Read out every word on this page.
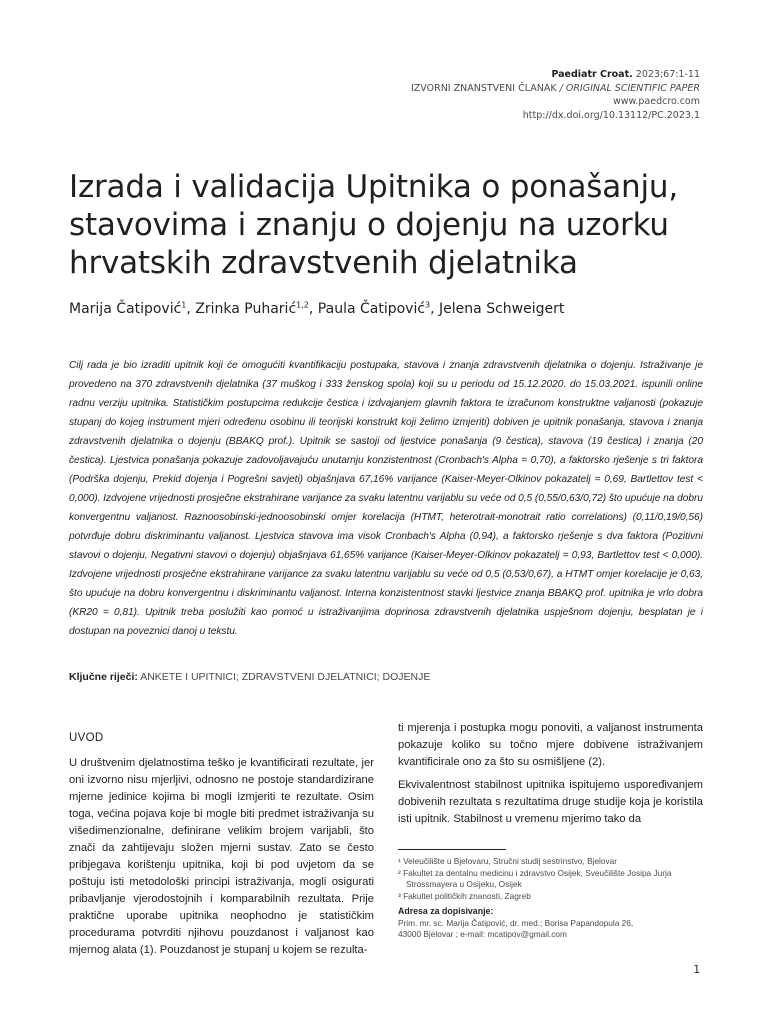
Paediatr Croat. 2023;67:1-11
IZVORNI ZNANSTVENI ČLANAK / ORIGINAL SCIENTIFIC PAPER
www.paedcro.com
http://dx.doi.org/10.13112/PC.2023.1
Izrada i validacija Upitnika o ponašanju, stavovima i znanju o dojenju na uzorku hrvatskih zdravstvenih djelatnika
Marija Čatipović$^1$, Zrinka Puharić$^{1,2}$, Paula Čatipović$^3$, Jelena Schweigert

Cilj rada je bio izraditi upitnik koji će omogućiti kvantifikaciju postupaka, stavova i znanja zdravstvenih djelatnika o dojenju. Istraživanje je provedeno na 370 zdravstvenih djelatnika (37 muškog i 333 ženskog spola) koji su u periodu od 15.12.2020. do 15.03.2021. ispunili online radnu verziju upitnika. Statističkim postupcima redukcije čestica i izdvajanjem glavnih faktora te izračunom konstruktne valjanosti (pokazuje stupanj do kojeg instrument mjeri određenu osobinu ili teorijski konstrukt koji želimo izmjeriti) dobiven je upitnik ponašanja, stavova i znanja zdravstvenih djelatnika o dojenju (BBAKQ prof.). Upitnik se sastoji od ljestvice ponašanja (9 čestica), stavova (19 čestica) i znanja (20 čestica). Ljestvica ponašanja pokazuje zadovoljavajuću unutarnju konzistentnost (Cronbach's Alpha = 0,70), a faktorsko rješenje s tri faktora (Podrška dojenju, Prekid dojenja i Pogrešni savjeti) objašnjava 67,16% varijance (Kaiser-Meyer-Olkinov pokazatelj = 0,69, Bartlettov test < 0,000). Izdvojene vrijednosti prosječne ekstrahirane varijance za svaku latentnu varijablu su veće od 0,5 (0,55/0,63/0,72) što upućuje na dobru konvergentnu valjanost. Raznoosobinski-jednoosobinski omjer korelacija (HTMT, heterotrait-monotrait ratio correlations) (0,11/0,19/0,56) potvrđuje dobru diskriminantu valjanost. Ljestvica stavova ima visok Cronbach's Alpha (0,94), a faktorsko rješenje s dva faktora (Pozitivni stavovi o dojenju, Negativni stavovi o dojenju) objašnjava 61,65% varijance (Kaiser-Meyer-Olkinov pokazatelj = 0,93, Bartlettov test < 0,000). Izdvojene vrijednosti prosječne ekstrahirane varijance za svaku latentnu varijablu su veće od 0,5 (0,53/0,67), a HTMT omjer korelacije je 0,63, što upućuje na dobru konvergentnu i diskriminantu valjanost. Interna konzistentnost stavki ljestvice znanja BBAKQ prof. upitnika je vrlo dobra (KR20 = 0,81). Upitnik treba poslužiti kao pomoć u istraživanjima doprinosa zdravstvenih djelatnika uspješnom dojenju, besplatan je i dostupan na poveznici danoj u tekstu.

Ključne riječi: ANKETE I UPITNICI; ZDRAVSTVENI DJELATNICI; DOJENJE
UVOD

U društvenim djelatnostima teško je kvantificirati rezultate, jer oni izvorno nisu mjerljivi, odnosno ne postoje standardizirane mjerne jedinice kojima bi mogli izmjeriti te rezultate. Osim toga, većina pojava koje bi mogle biti predmet istraživanja su višedimenzionalne, definirane velikim brojem varijabli, što znači da zahtijevaju složen mjerni sustav. Zato se često pribjegava korištenju upitnika, koji bi pod uvjetom da se poštuju isti metodološki principi istraživanja, mogli osigurati pribavljanje vjerodostojnih i komparabilnih rezultata. Prije praktične uporabe upitnika neophodno je statističkim procedurama potvrditi njihovu pouzdanost i valjanost kao mjernog alata (1). Pouzdanost je stupanj u kojem se rezulta-

ti mjerenja i postupka mogu ponoviti, a valjanost instrumenta pokazuje koliko su točno mjere dobivene istraživanjem kvantificirale ono za što su osmišljene (2).

Ekvivalentnost stabilnost upitnika ispitujemo uspoređivanjem dobivenih rezultata s rezultatima druge studije koja je koristila isti upitnik. Stabilnost u vremenu mjerimo tako da

¹ Veleučilište u Bjelovaru, Stručni studij sestrinstvo, Bjelovar
² Fakultet za dentalnu medicinu i zdravstvo Osijek, Sveučilište Josipa Jurja Strossmayera u Osijeku, Osijek
³ Fakultet političkih znanosti, Zagreb
Adresa za dopisivanje:
Prim. mr. sc. Marija Čatipović, dr. med.; Borisa Papandopula 26,
43000 Bjelovar ; e-mail: mcatipov@gmail.com
1
